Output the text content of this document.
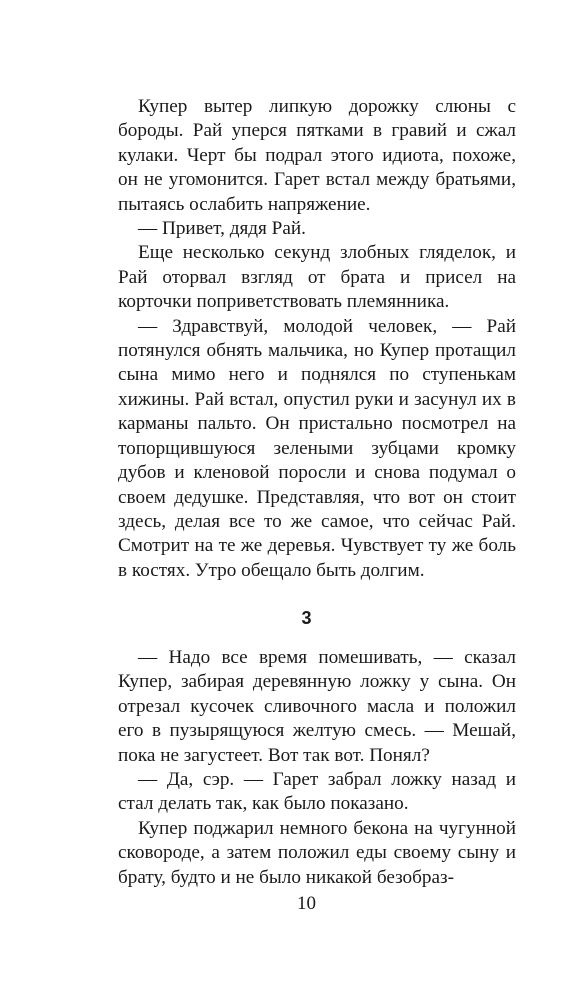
Купер вытер липкую дорожку слюны с бороды. Рай уперся пятками в гравий и сжал кулаки. Черт бы подрал этого идиота, похоже, он не угомонится. Гарет встал между братьями, пытаясь ослабить напряжение.

— Привет, дядя Рай.

Еще несколько секунд злобных гляделок, и Рай оторвал взгляд от брата и присел на корточки поприветствовать племянника.

— Здравствуй, молодой человек, — Рай потянулся обнять мальчика, но Купер протащил сына мимо него и поднялся по ступенькам хижины. Рай встал, опустил руки и засунул их в карманы пальто. Он пристально посмотрел на топорщившуюся зелеными зубцами кромку дубов и кленовой поросли и снова подумал о своем дедушке. Представляя, что вот он стоит здесь, делая все то же самое, что сейчас Рай. Смотрит на те же деревья. Чувствует ту же боль в костях. Утро обещало быть долгим.

3

— Надо все время помешивать, — сказал Купер, забирая деревянную ложку у сына. Он отрезал кусочек сливочного масла и положил его в пузырящуюся желтую смесь. — Мешай, пока не загустеет. Вот так вот. Понял?

— Да, сэр. — Гарет забрал ложку назад и стал делать так, как было показано.

Купер поджарил немного бекона на чугунной сковороде, а затем положил еды своему сыну и брату, будто и не было никакой безобраз-

10
